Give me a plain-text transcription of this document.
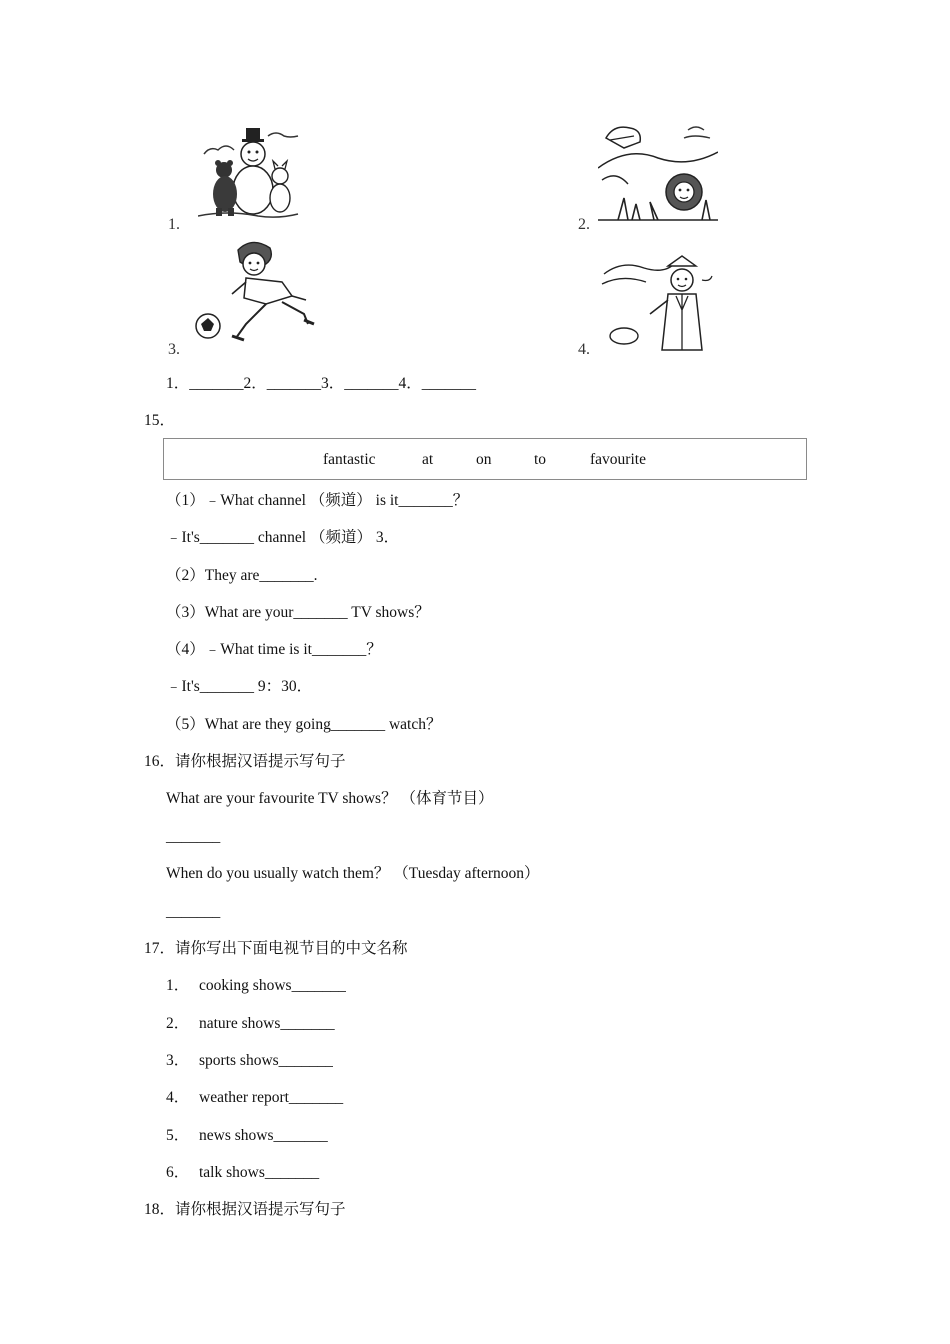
1.	2.
3.	4.
1．_______2．_______3．_______4．_______
15．
fantastic	at	on	to	favourite
（1）﹣What channel （频道） is it_______？
﹣It's_______ channel （频道） 3．
（2）They are_______.
（3）What are your_______ TV shows？
（4）﹣What time is it_______？
﹣It's_______ 9：30．
（5）What are they going_______ watch？
16．请你根据汉语提示写句子
What are your favourite TV shows？ （体育节目）
_______
When do you usually watch them？ （Tuesday afternoon）
_______
17．请你写出下面电视节目的中文名称
1． cooking shows_______
2． nature shows_______
3． sports shows_______
4． weather report_______
5． news shows_______
6． talk shows_______
18．请你根据汉语提示写句子
